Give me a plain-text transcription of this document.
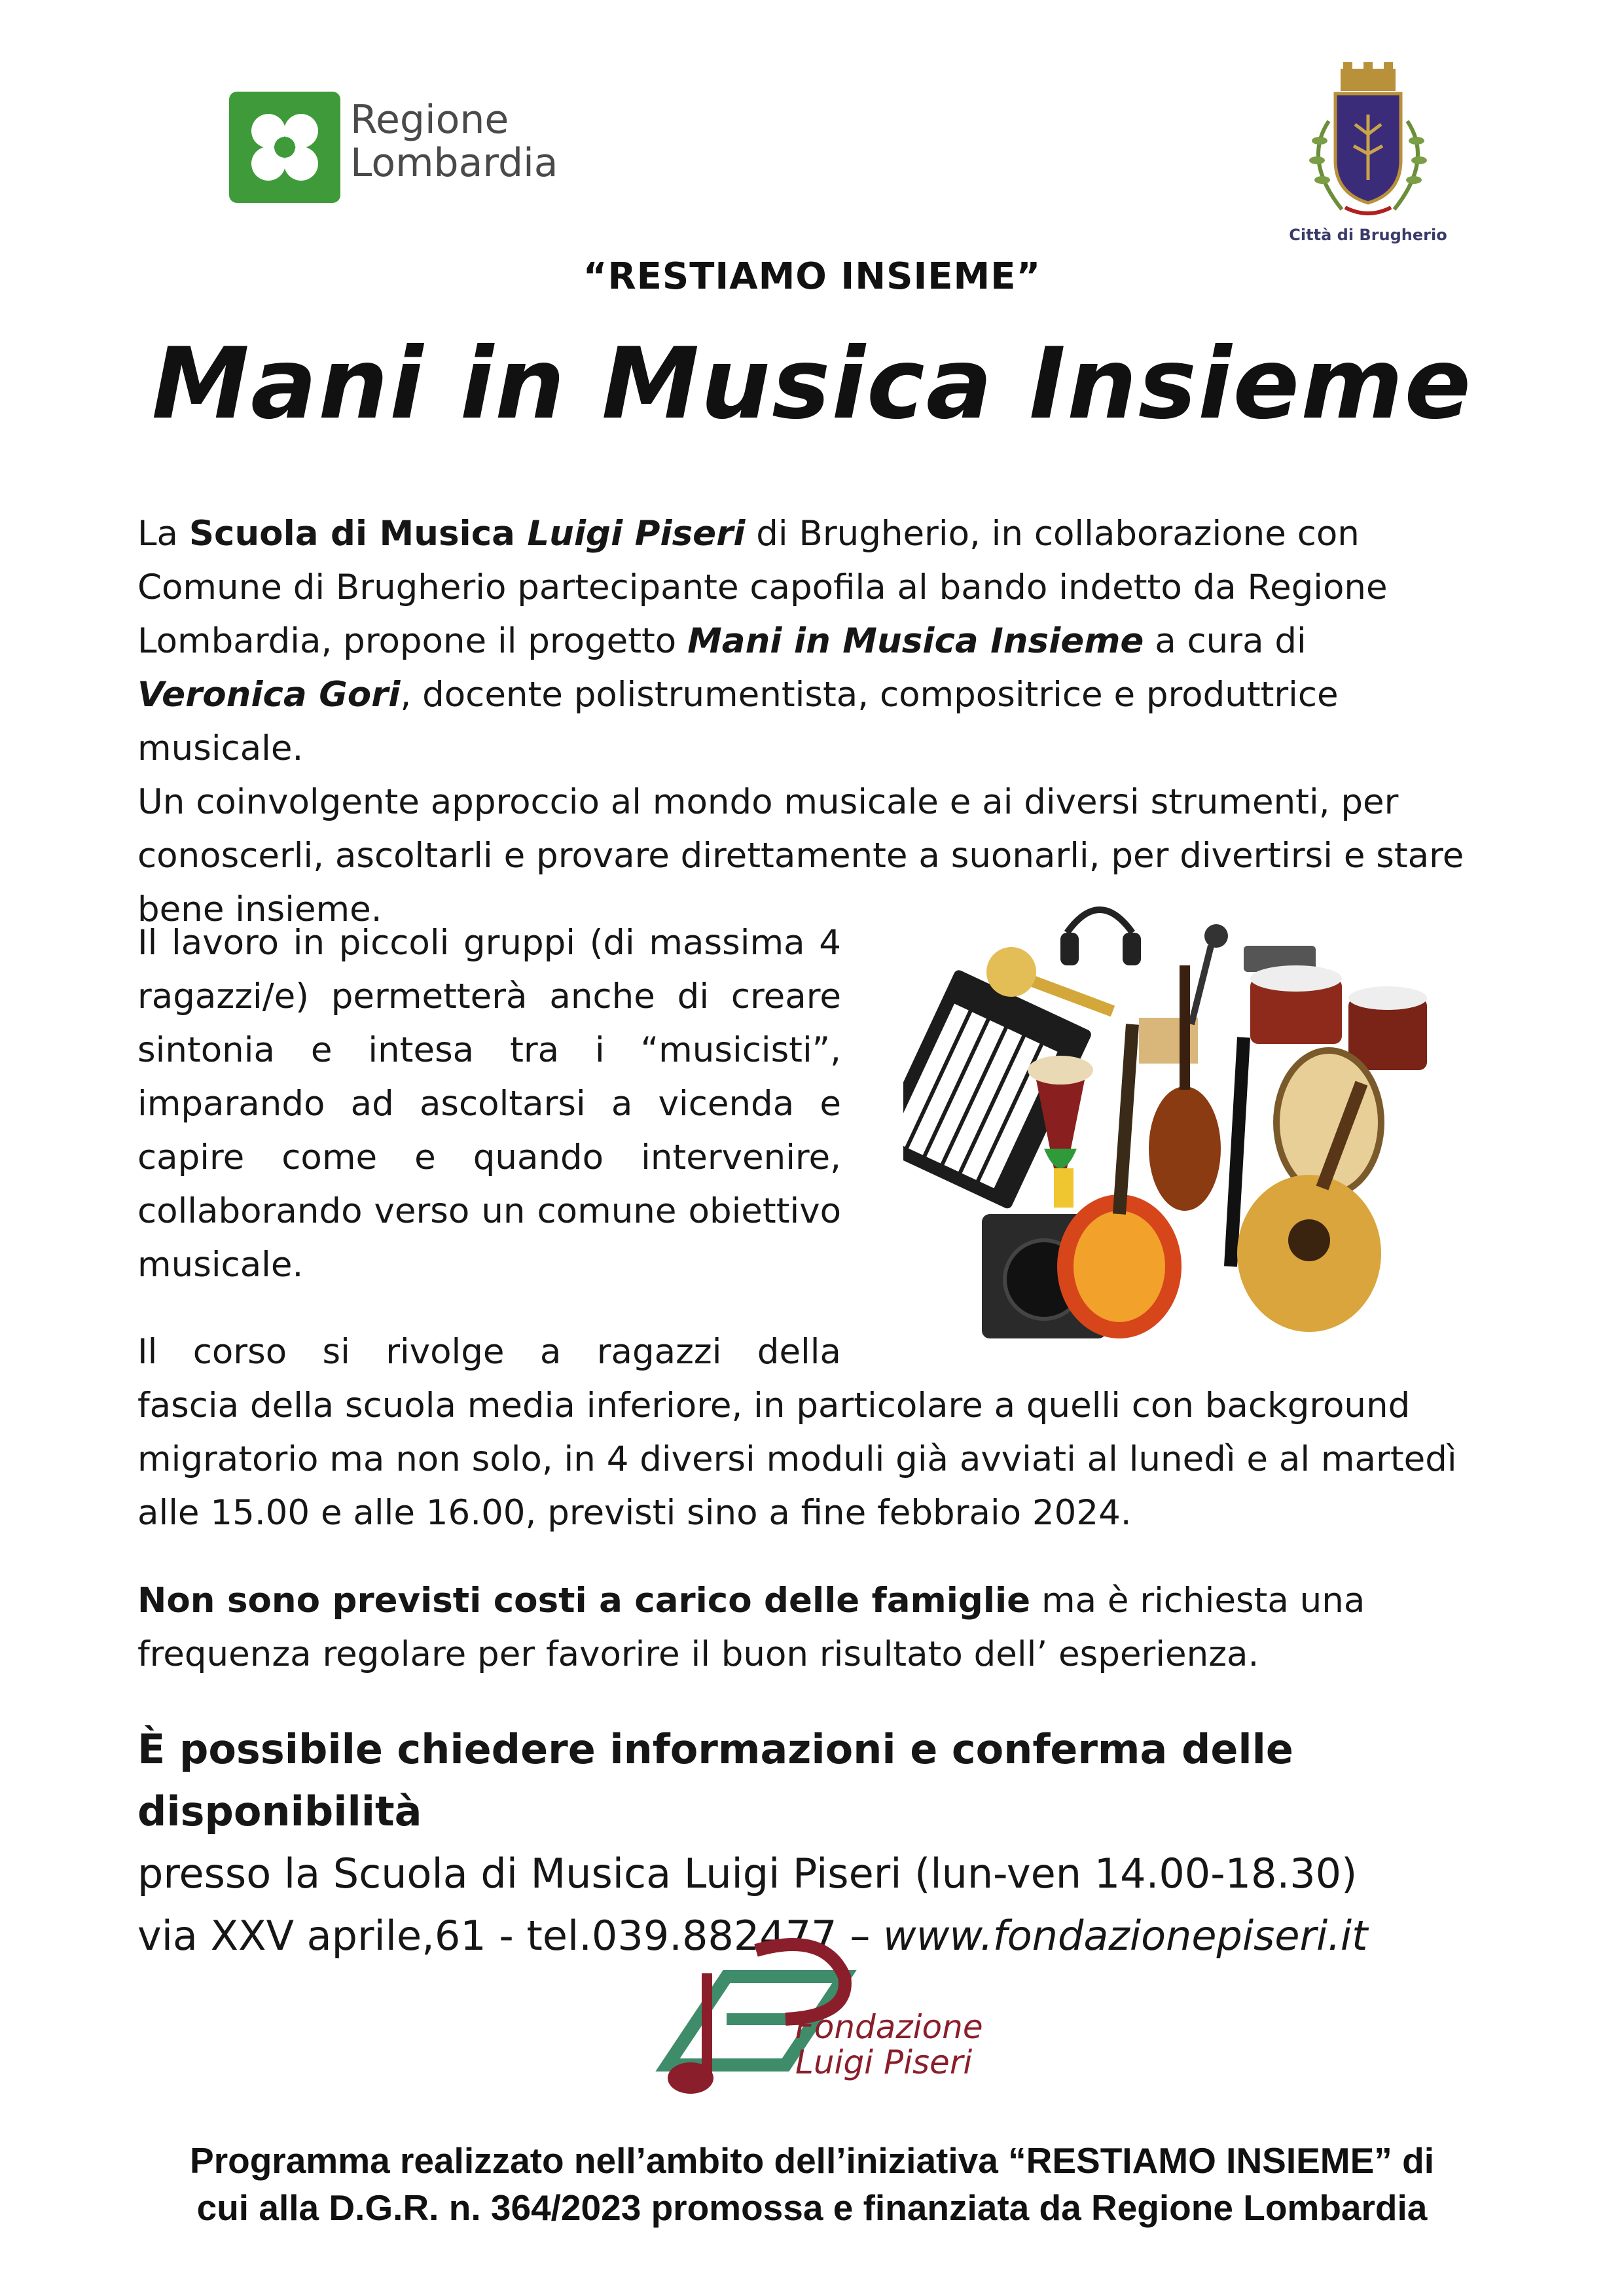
Regione
Lombardia
Città di Brugherio
“RESTIAMO INSIEME”
Mani in Musica Insieme
La Scuola di Musica Luigi Piseri di Brugherio, in collaborazione con Comune di Brugherio partecipante capofila al bando indetto da Regione Lombardia, propone il progetto Mani in Musica Insieme a cura di Veronica Gori, docente polistrumentista, compositrice e produttrice musicale.
Un coinvolgente approccio al mondo musicale e ai diversi strumenti, per conoscerli, ascoltarli e provare direttamente a suonarli, per divertirsi e stare bene insieme.
Il lavoro in piccoli gruppi (di massima 4 ragazzi/e) permetterà anche di creare sintonia e intesa tra i “musicisti”, imparando ad ascoltarsi a vicenda e capire come e quando intervenire, collaborando verso un comune obiettivo musicale.
Il corso si rivolge a ragazzi della
fascia della scuola media inferiore, in particolare a quelli con background migratorio ma non solo, in 4 diversi moduli già avviati al lunedì e al martedì alle 15.00 e alle 16.00, previsti sino a fine febbraio 2024.
Non sono previsti costi a carico delle famiglie ma è richiesta una frequenza regolare per favorire il buon risultato dell’ esperienza.
È possibile chiedere informazioni e conferma delle disponibilità
presso la Scuola di Musica Luigi Piseri (lun-ven 14.00-18.30)
via XXV aprile,61 - tel.039.882477 – www.fondazionepiseri.it
Fondazione
Luigi Piseri
Programma realizzato nell’ambito dell’iniziativa “RESTIAMO INSIEME” di
cui alla D.G.R. n. 364/2023 promossa e finanziata da Regione Lombardia
